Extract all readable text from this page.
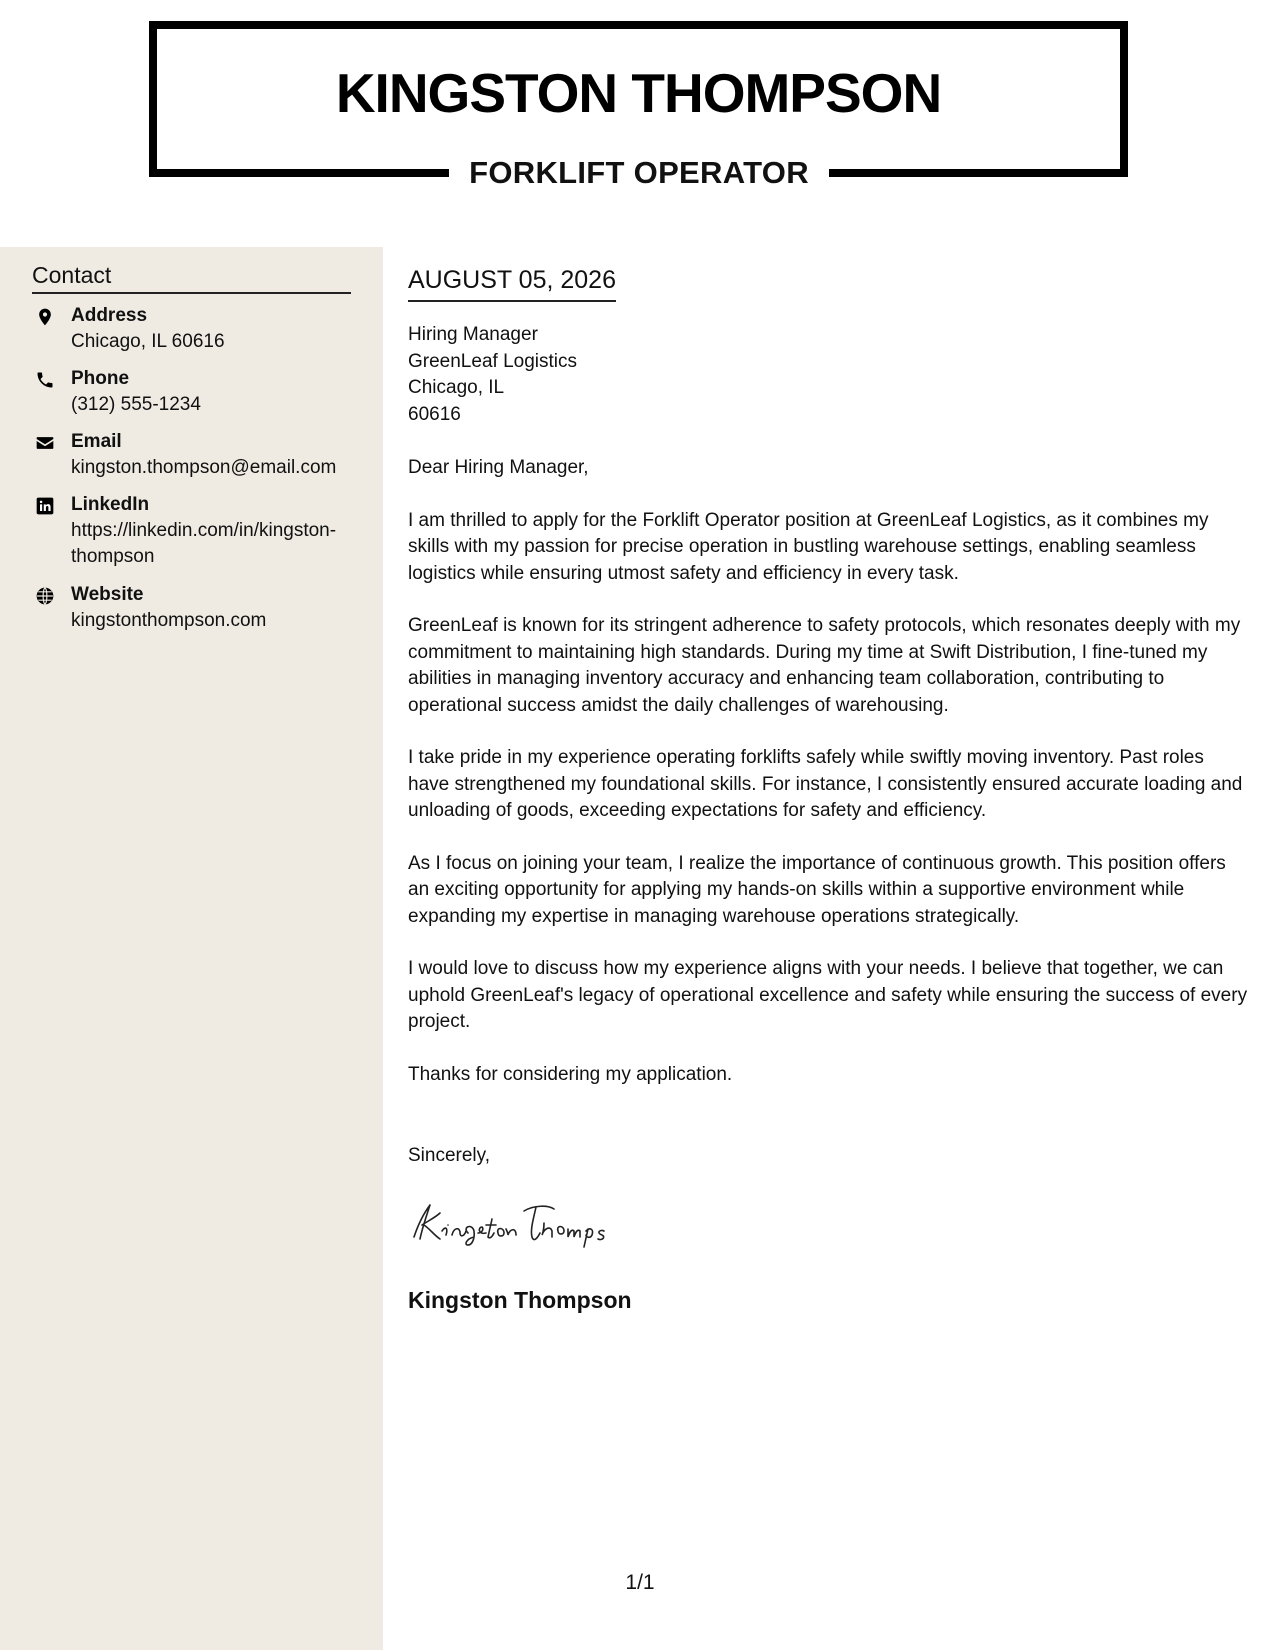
KINGSTON THOMPSON
FORKLIFT OPERATOR
Contact
Address
Chicago, IL 60616
Phone
(312) 555-1234
Email
kingston.thompson@email.com
LinkedIn
https://linkedin.com/in/kingston-thompson
Website
kingstonthompson.com
AUGUST 05, 2026
Hiring Manager
GreenLeaf Logistics
Chicago, IL
60616

Dear Hiring Manager,

I am thrilled to apply for the Forklift Operator position at GreenLeaf Logistics, as it combines my skills with my passion for precise operation in bustling warehouse settings, enabling seamless logistics while ensuring utmost safety and efficiency in every task.

GreenLeaf is known for its stringent adherence to safety protocols, which resonates deeply with my commitment to maintaining high standards. During my time at Swift Distribution, I fine-tuned my abilities in managing inventory accuracy and enhancing team collaboration, contributing to operational success amidst the daily challenges of warehousing.

I take pride in my experience operating forklifts safely while swiftly moving inventory. Past roles have strengthened my foundational skills. For instance, I consistently ensured accurate loading and unloading of goods, exceeding expectations for safety and efficiency.

As I focus on joining your team, I realize the importance of continuous growth. This position offers an exciting opportunity for applying my hands-on skills within a supportive environment while expanding my expertise in managing warehouse operations strategically.

I would love to discuss how my experience aligns with your needs. I believe that together, we can uphold GreenLeaf's legacy of operational excellence and safety while ensuring the success of every project.

Thanks for considering my application.

Sincerely,
Kingston Thompson
1/1
